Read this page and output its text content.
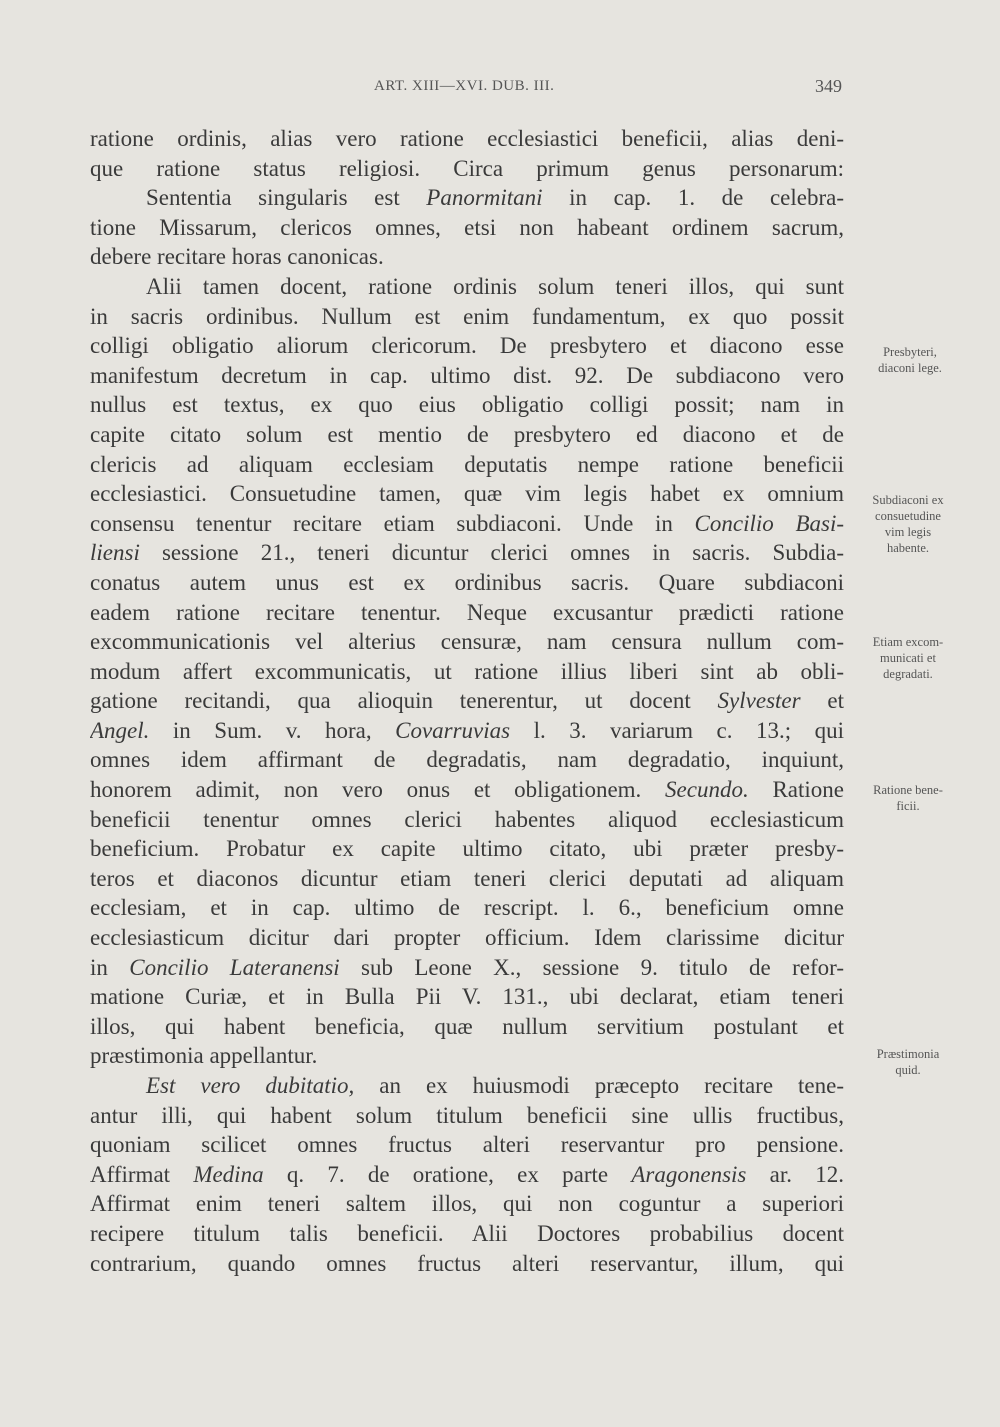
ART. XIII—XVI. DUB. III.	349
ratione ordinis, alias vero ratione ecclesiastici beneficii, alias deni-
que ratione status religiosi. Circa primum genus personarum:
Sententia singularis est Panormitani in cap. 1. de celebra-
tione Missarum, clericos omnes, etsi non habeant ordinem sacrum,
debere recitare horas canonicas.
Alii tamen docent, ratione ordinis solum teneri illos, qui sunt
in sacris ordinibus. Nullum est enim fundamentum, ex quo possit
colligi obligatio aliorum clericorum. De presbytero et diacono esse
manifestum decretum in cap. ultimo dist. 92. De subdiacono vero
nullus est textus, ex quo eius obligatio colligi possit; nam in
capite citato solum est mentio de presbytero ed diacono et de
clericis ad aliquam ecclesiam deputatis nempe ratione beneficii
ecclesiastici. Consuetudine tamen, quæ vim legis habet ex omnium
consensu tenentur recitare etiam subdiaconi. Unde in Concilio Basi-
liensi sessione 21., teneri dicuntur clerici omnes in sacris. Subdia-
conatus autem unus est ex ordinibus sacris. Quare subdiaconi
eadem ratione recitare tenentur. Neque excusantur prædicti ratione
excommunicationis vel alterius censuræ, nam censura nullum com-
modum affert excommunicatis, ut ratione illius liberi sint ab obli-
gatione recitandi, qua alioquin tenerentur, ut docent Sylvester et
Angel. in Sum. v. hora, Covarruvias l. 3. variarum c. 13.; qui
omnes idem affirmant de degradatis, nam degradatio, inquiunt,
honorem adimit, non vero onus et obligationem. Secundo. Ratione
beneficii tenentur omnes clerici habentes aliquod ecclesiasticum
beneficium. Probatur ex capite ultimo citato, ubi præter presby-
teros et diaconos dicuntur etiam teneri clerici deputati ad aliquam
ecclesiam, et in cap. ultimo de rescript. l. 6., beneficium omne
ecclesiasticum dicitur dari propter officium. Idem clarissime dicitur
in Concilio Lateranensi sub Leone X., sessione 9. titulo de refor-
matione Curiæ, et in Bulla Pii V. 131., ubi declarat, etiam teneri
illos, qui habent beneficia, quæ nullum servitium postulant et
præstimonia appellantur.
Est vero dubitatio, an ex huiusmodi præcepto recitare tene-
antur illi, qui habent solum titulum beneficii sine ullis fructibus,
quoniam scilicet omnes fructus alteri reservantur pro pensione.
Affirmat Medina q. 7. de oratione, ex parte Aragonensis ar. 12.
Affirmat enim teneri saltem illos, qui non coguntur a superiori
recipere titulum talis beneficii. Alii Doctores probabilius docent
contrarium, quando omnes fructus alteri reservantur, illum, qui
Presbyteri,
diaconi lege.
Subdiaconi ex
consuetudine
vim legis
habente.
Etiam excom-
municati et
degradati.
Ratione bene-
ficii.
Præstimonia
quid.
